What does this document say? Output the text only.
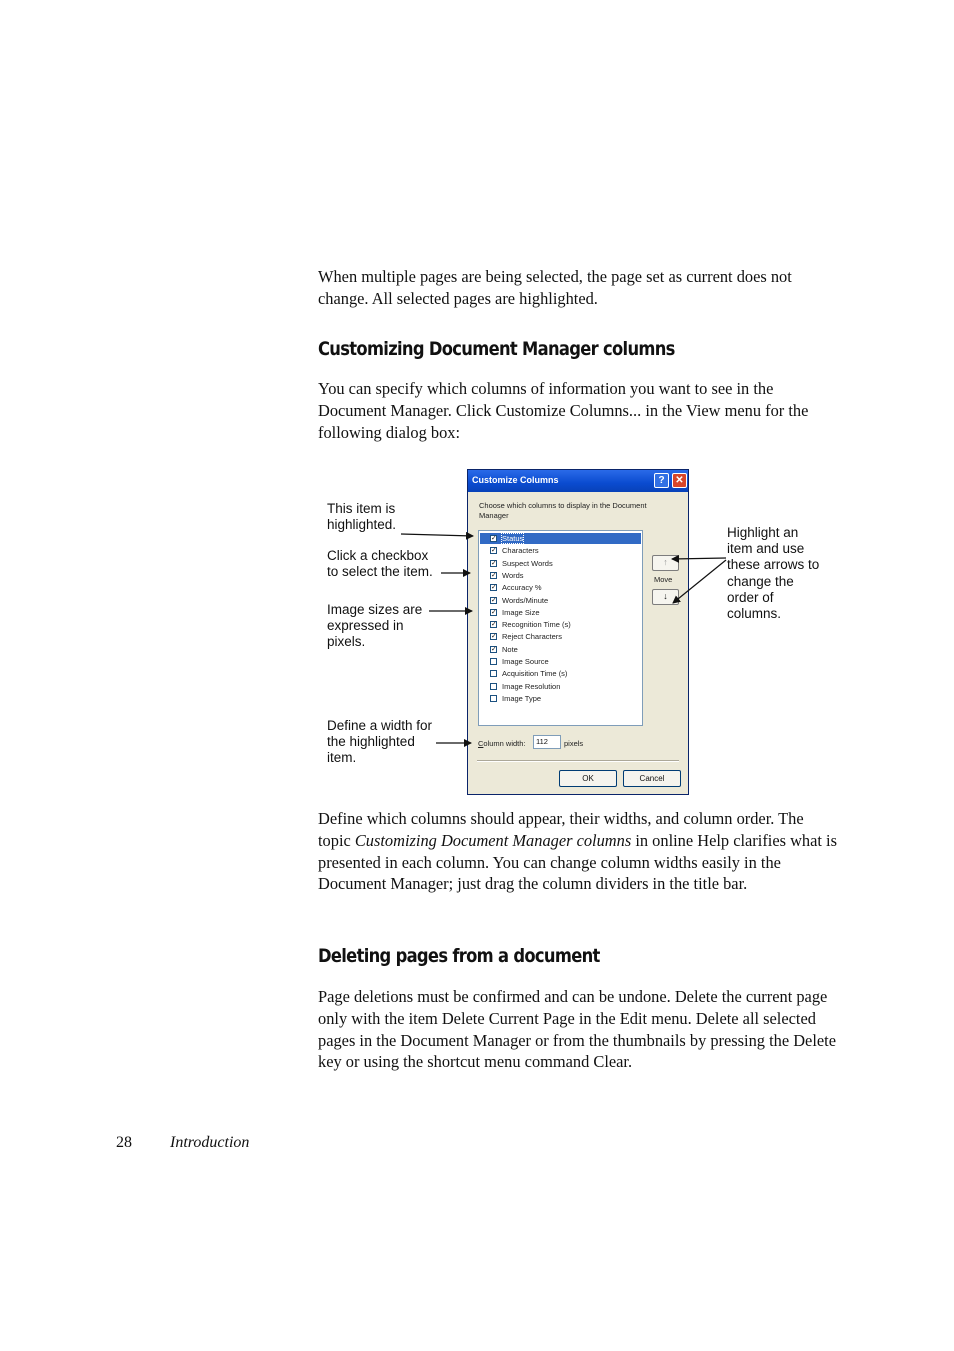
When multiple pages are being selected, the page set as current does not change. All selected pages are highlighted.

Customizing Document Manager columns

You can specify which columns of information you want to see in the Document Manager. Click Customize Columns... in the View menu for the following dialog box:

Customize Columns	?	✕
Choose which columns to display in the Document Manager
✓ Status
✓ Characters
✓ Suspect Words
✓ Words
✓ Accuracy %
✓ Words/Minute
✓ Image Size
✓ Recognition Time (s)
✓ Reject Characters
✓ Note
Image Source
Acquisition Time (s)
Image Resolution
Image Type
↑
Move
↓
Column width:	112	pixels
OK	Cancel
This item is
highlighted.
Click a checkbox
to select the item.
Image sizes are
expressed in
pixels.
Define a width for
the highlighted
item.
Highlight an
item and use
these arrows to
change the
order of
columns.

Define which columns should appear, their widths, and column order. The topic Customizing Document Manager columns in online Help clarifies what is presented in each column. You can change column widths easily in the Document Manager; just drag the column dividers in the title bar.

Deleting pages from a document

Page deletions must be confirmed and can be undone. Delete the current page only with the item Delete Current Page in the Edit menu. Delete all selected pages in the Document Manager or from the thumbnails by pressing the Delete key or using the shortcut menu command Clear.

28 Introduction
